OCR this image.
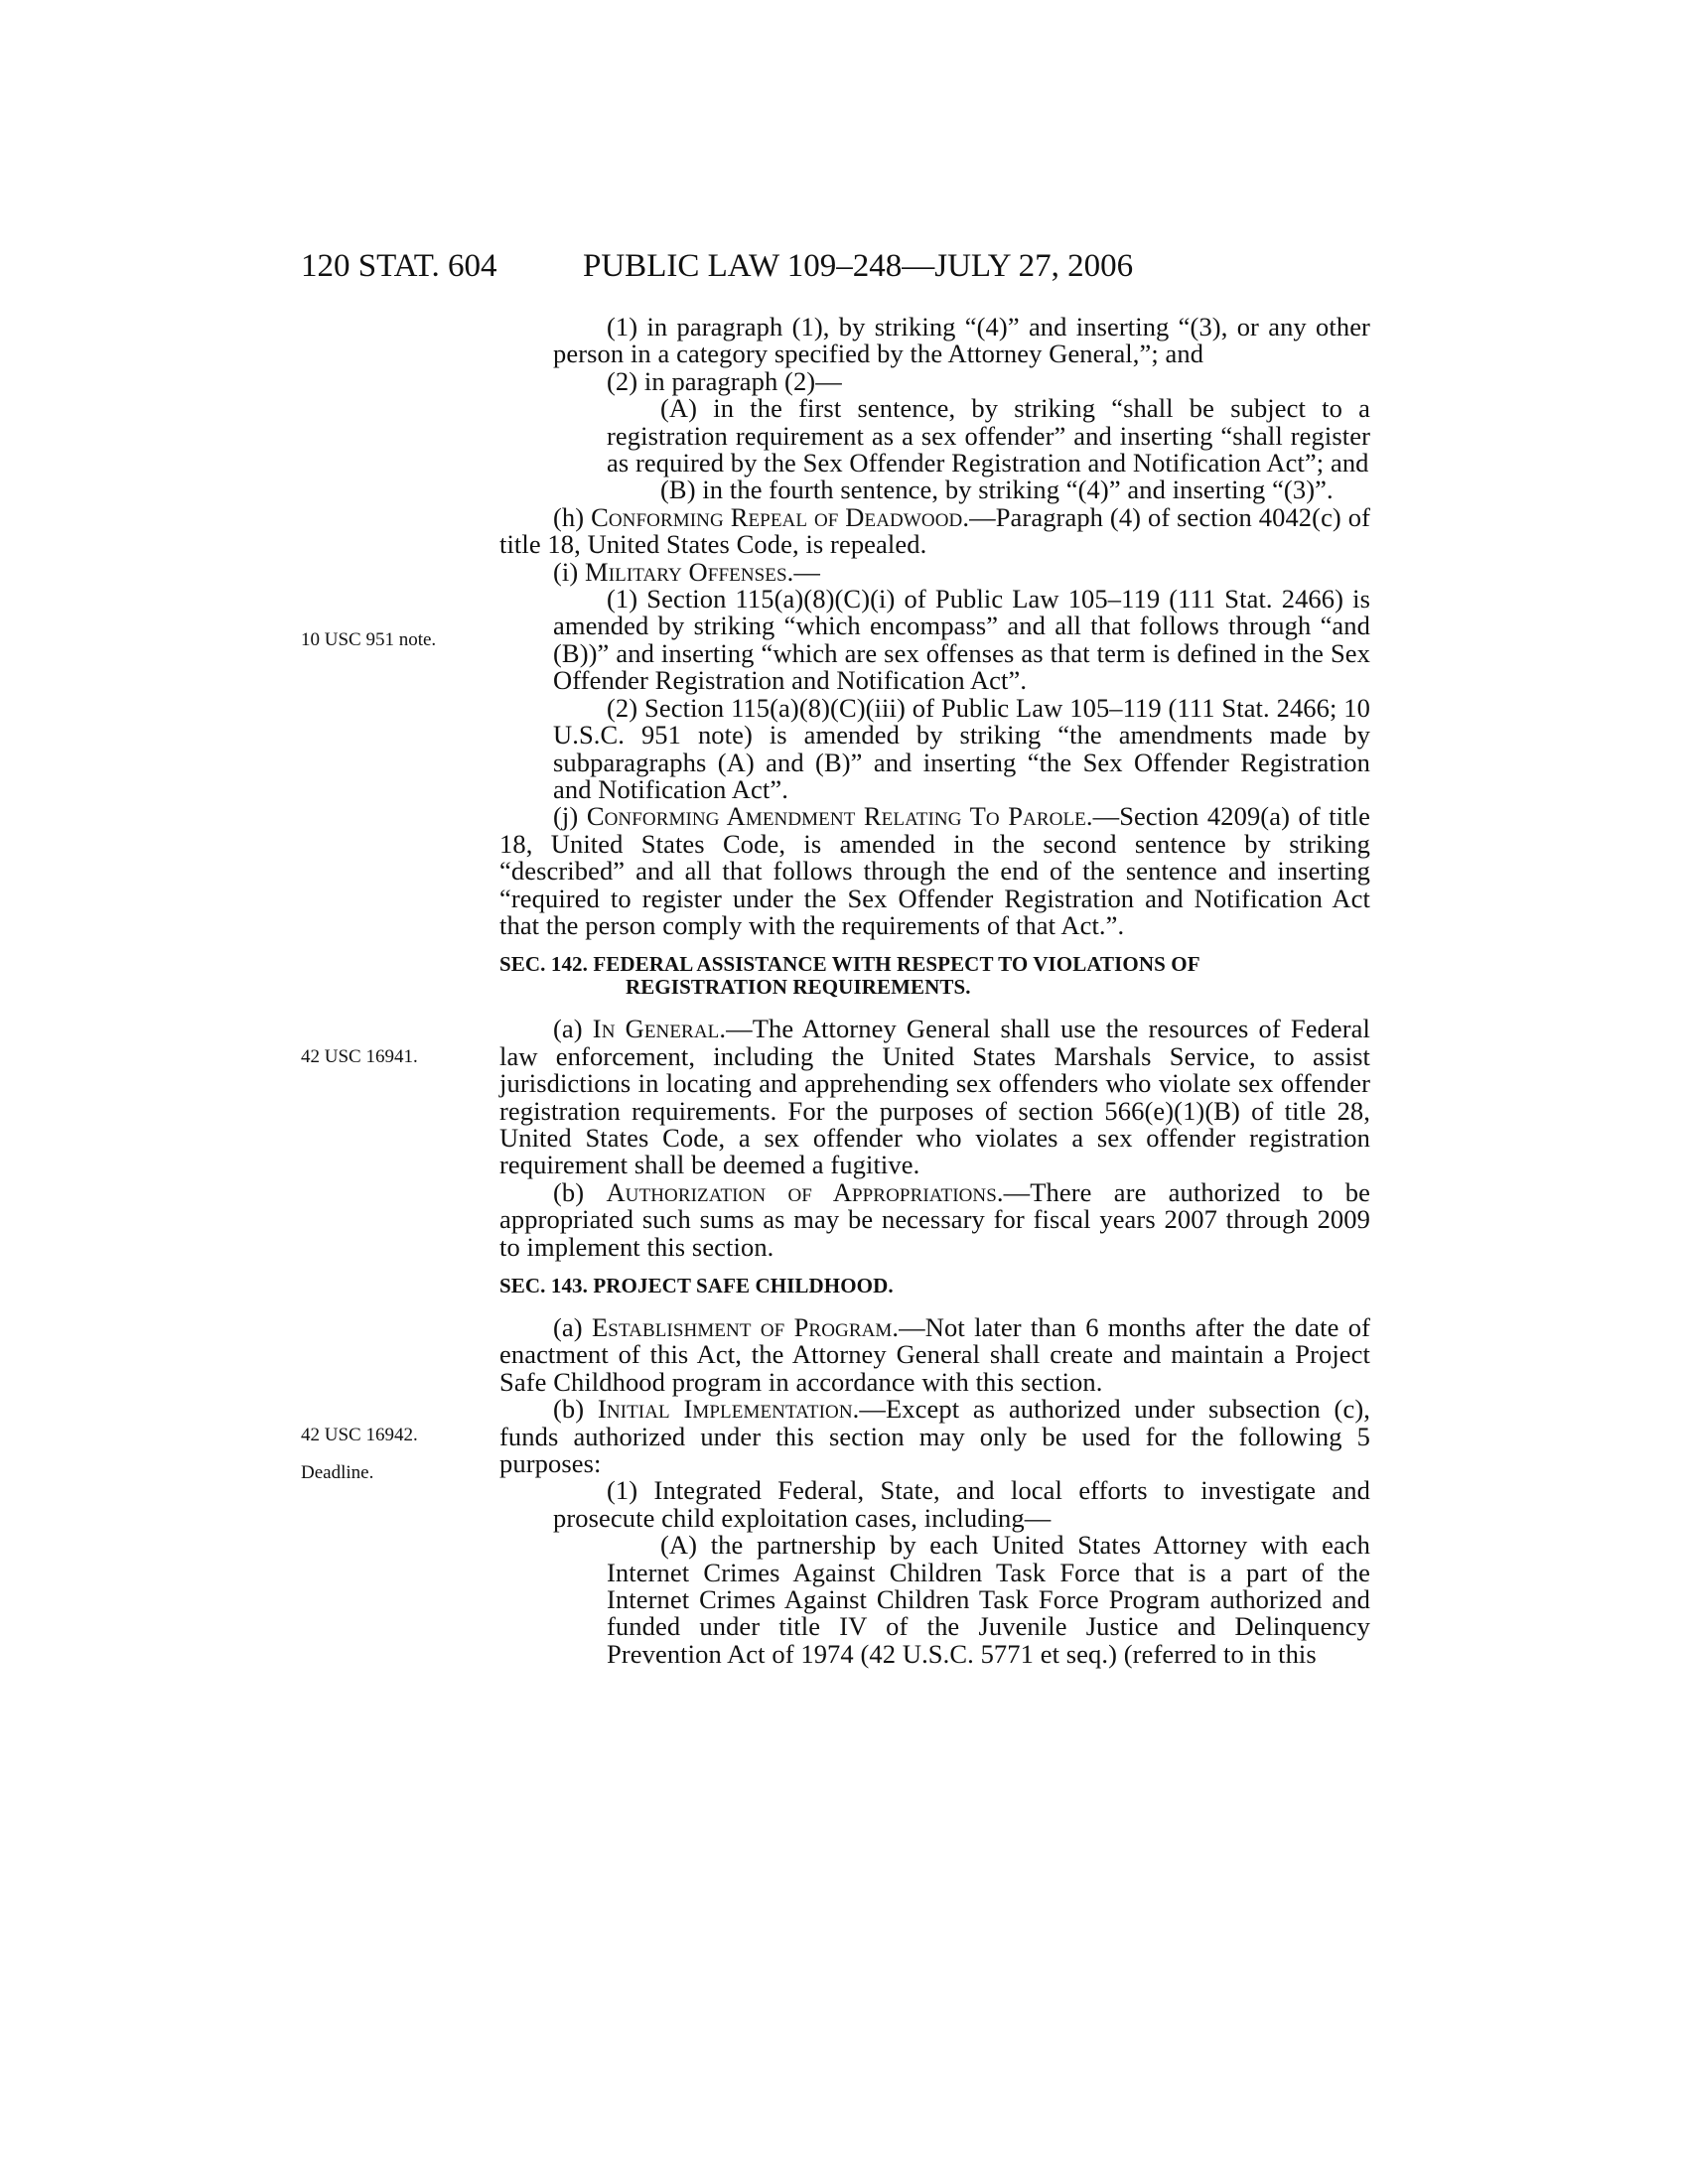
120 STAT. 604	PUBLIC LAW 109–248—JULY 27, 2006
10 USC 951 note.
42 USC 16941.
42 USC 16942.
Deadline.

(1) in paragraph (1), by striking “(4)” and inserting “(3), or any other person in a category specified by the Attorney General,”; and

(2) in paragraph (2)—

(A) in the first sentence, by striking “shall be subject to a registration requirement as a sex offender” and inserting “shall register as required by the Sex Offender Registration and Notification Act”; and

(B) in the fourth sentence, by striking “(4)” and inserting “(3)”.

(h) Conforming Repeal of Deadwood.—Paragraph (4) of section 4042(c) of title 18, United States Code, is repealed.

(i) Military Offenses.—

(1) Section 115(a)(8)(C)(i) of Public Law 105–119 (111 Stat. 2466) is amended by striking “which encompass” and all that follows through “and (B))” and inserting “which are sex offenses as that term is defined in the Sex Offender Registration and Notification Act”.

(2) Section 115(a)(8)(C)(iii) of Public Law 105–119 (111 Stat. 2466; 10 U.S.C. 951 note) is amended by striking “the amendments made by subparagraphs (A) and (B)” and inserting “the Sex Offender Registration and Notification Act”.

(j) Conforming Amendment Relating To Parole.—Section 4209(a) of title 18, United States Code, is amended in the second sentence by striking “described” and all that follows through the end of the sentence and inserting “required to register under the Sex Offender Registration and Notification Act that the person comply with the requirements of that Act.”.

SEC. 142. FEDERAL ASSISTANCE WITH RESPECT TO VIOLATIONS OF
REGISTRATION REQUIREMENTS.

(a) In General.—The Attorney General shall use the resources of Federal law enforcement, including the United States Marshals Service, to assist jurisdictions in locating and apprehending sex offenders who violate sex offender registration requirements. For the purposes of section 566(e)(1)(B) of title 28, United States Code, a sex offender who violates a sex offender registration requirement shall be deemed a fugitive.

(b) Authorization of Appropriations.—There are authorized to be appropriated such sums as may be necessary for fiscal years 2007 through 2009 to implement this section.

SEC. 143. PROJECT SAFE CHILDHOOD.

(a) Establishment of Program.—Not later than 6 months after the date of enactment of this Act, the Attorney General shall create and maintain a Project Safe Childhood program in accordance with this section.

(b) Initial Implementation.—Except as authorized under subsection (c), funds authorized under this section may only be used for the following 5 purposes:

(1) Integrated Federal, State, and local efforts to investigate and prosecute child exploitation cases, including—

(A) the partnership by each United States Attorney with each Internet Crimes Against Children Task Force that is a part of the Internet Crimes Against Children Task Force Program authorized and funded under title IV of the Juvenile Justice and Delinquency Prevention Act of 1974 (42 U.S.C. 5771 et seq.) (referred to in this
